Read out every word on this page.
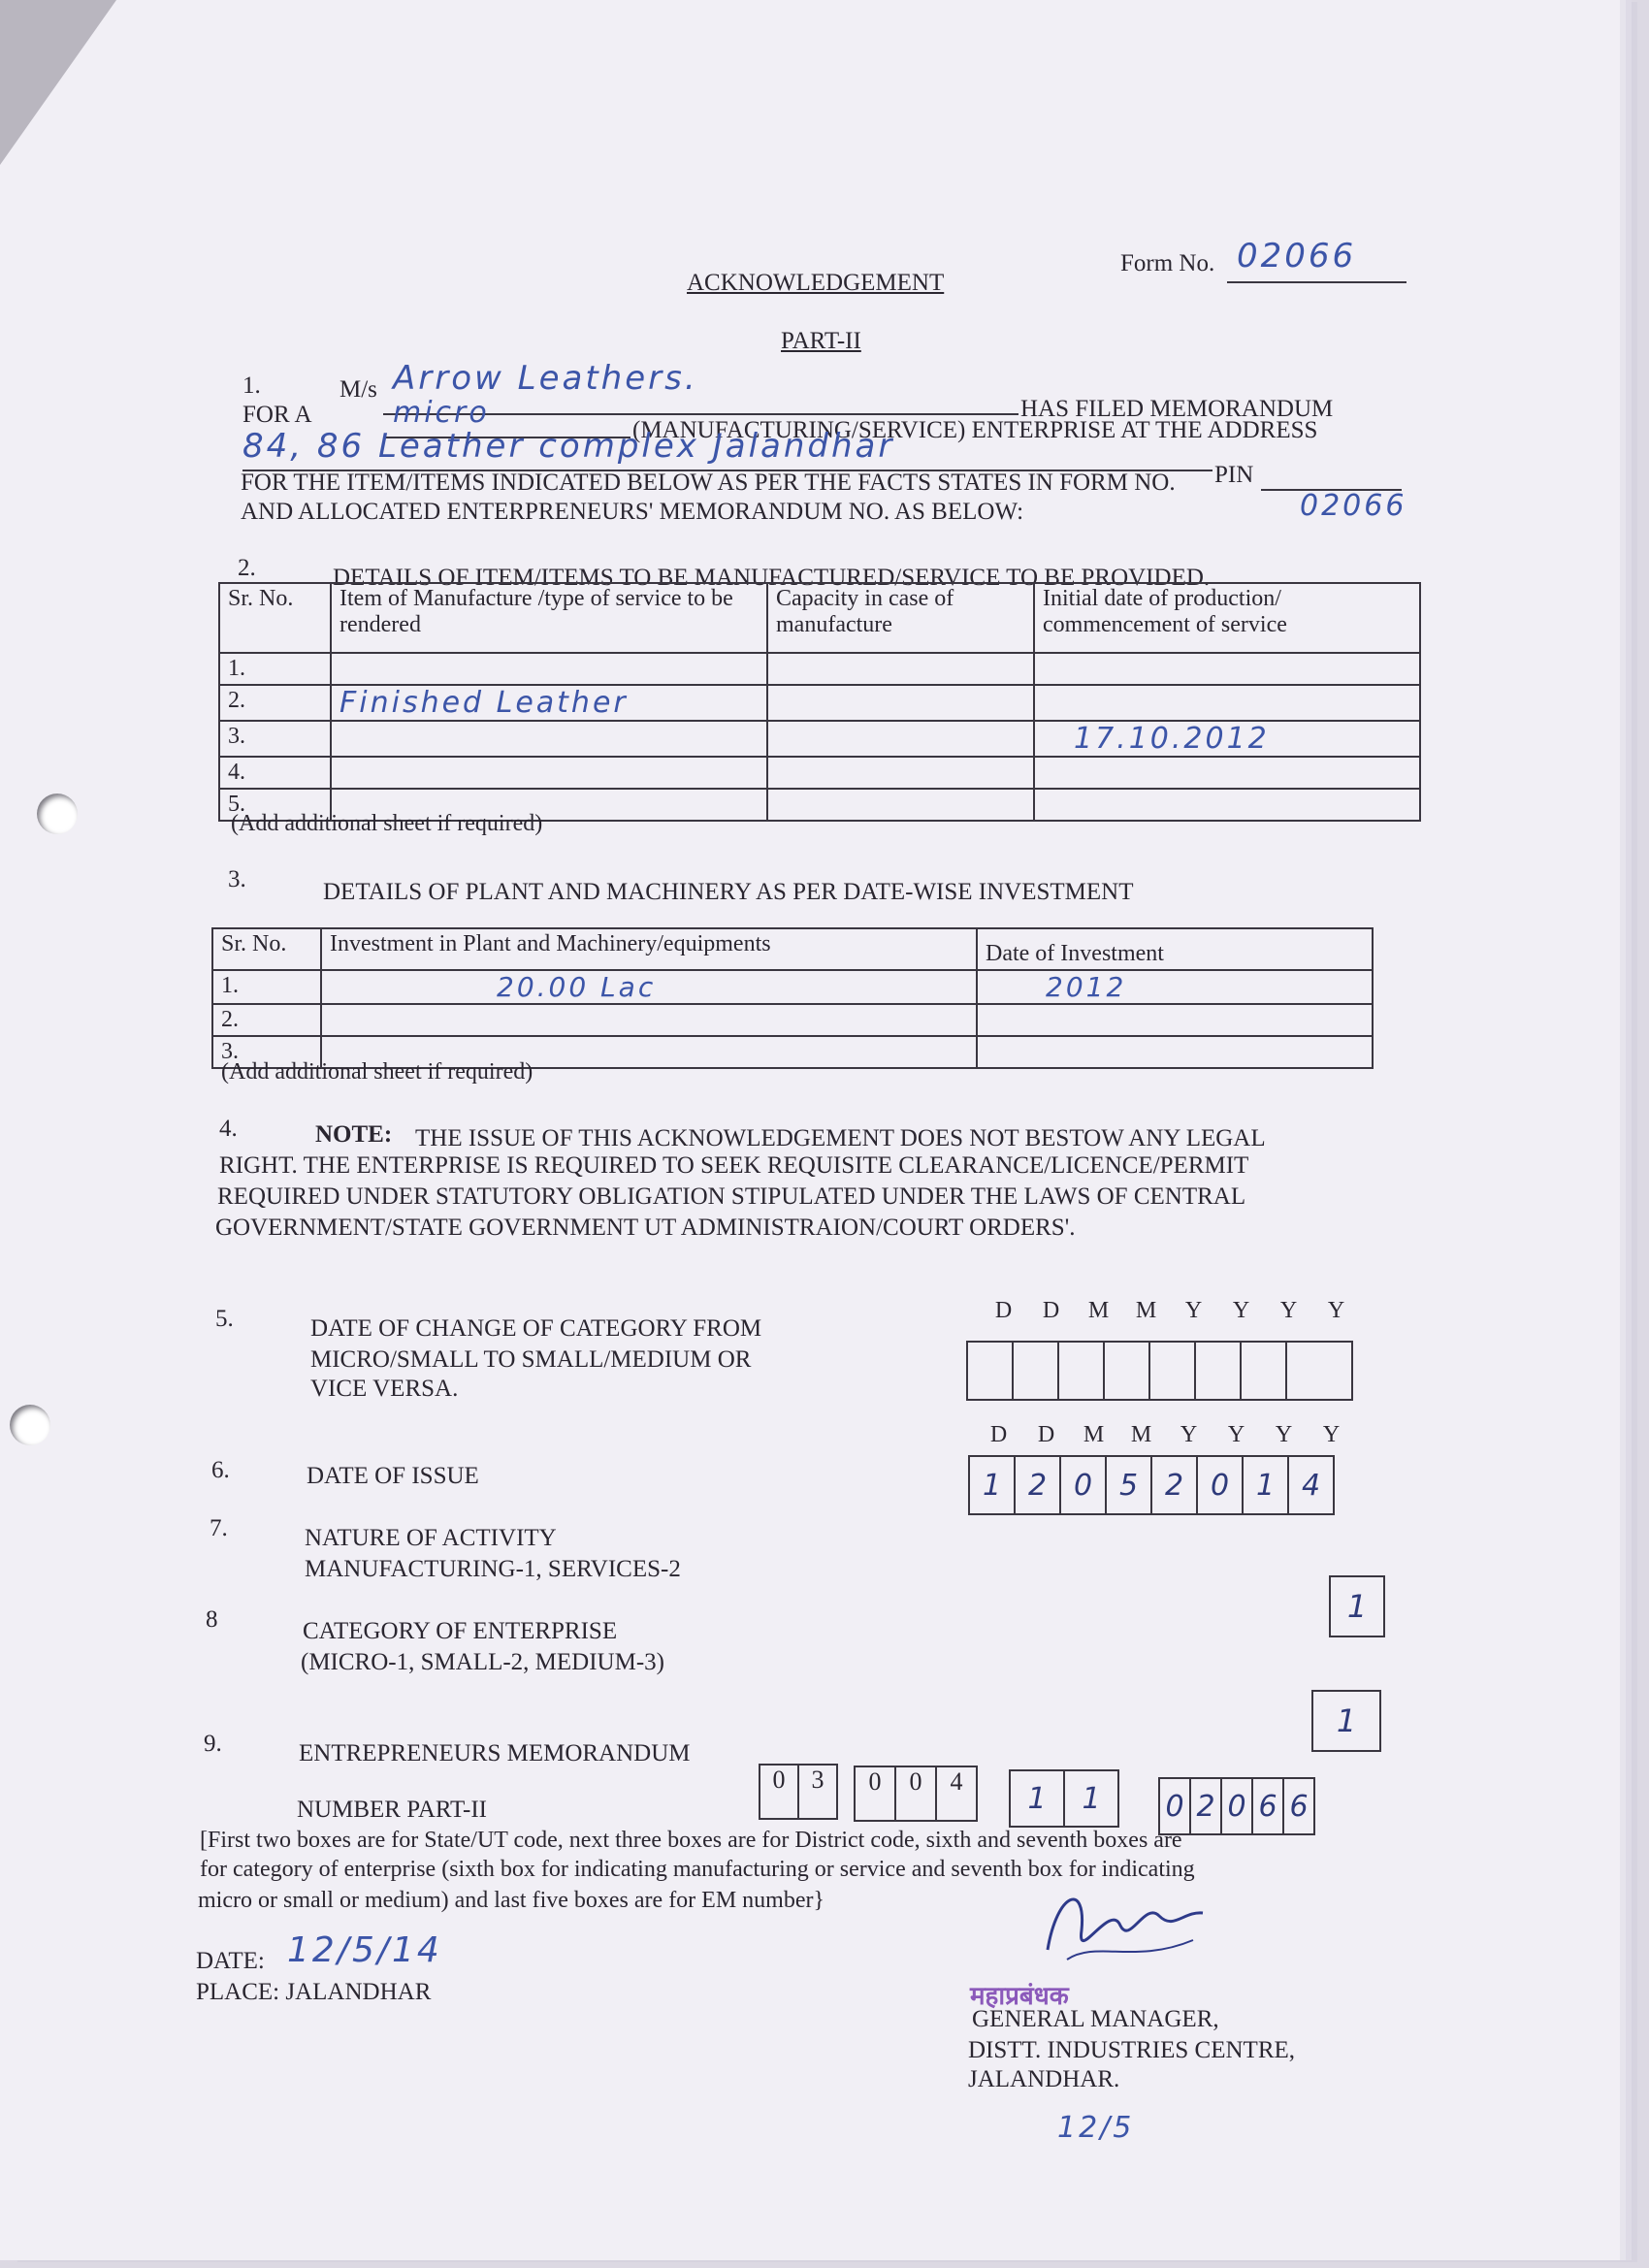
Form No. 02066
ACKNOWLEDGEMENT
PART-II
1.	M/s Arrow Leathers.
HAS FILED MEMORANDUM
FOR A	micro
(MANUFACTURING/SERVICE) ENTERPRISE AT THE ADDRESS
84, 86 Leather complex Jalandhar
PIN
FOR THE ITEM/ITEMS INDICATED BELOW AS PER THE FACTS STATES IN FORM NO.
02066
AND ALLOCATED ENTERPRENEURS' MEMORANDUM NO. AS BELOW:
2.	DETAILS OF ITEM/ITEMS TO BE MANUFACTURED/SERVICE TO BE PROVIDED.
Sr. No.	Item of Manufacture /type of service to be rendered	Capacity in case of manufacture	Initial date of production/ commencement of service
1.			
2.	Finished Leather		
3.			17.10.2012
4.			
5.			
(Add additional sheet if required)
3.	DETAILS OF PLANT AND MACHINERY AS PER DATE-WISE INVESTMENT
Sr. No.	Investment in Plant and Machinery/equipments	Date of Investment
1.	20.00 Lac	2012
2.		
3.		
(Add additional sheet if required)
4.	NOTE: THE ISSUE OF THIS ACKNOWLEDGEMENT DOES NOT BESTOW ANY LEGAL
RIGHT. THE ENTERPRISE IS REQUIRED TO SEEK REQUISITE CLEARANCE/LICENCE/PERMIT
REQUIRED UNDER STATUTORY OBLIGATION STIPULATED UNDER THE LAWS OF CENTRAL
GOVERNMENT/STATE GOVERNMENT UT ADMINISTRAION/COURT ORDERS'.
5.	DATE OF CHANGE OF CATEGORY FROM
MICRO/SMALL TO SMALL/MEDIUM OR
VICE VERSA.
D D M M Y Y Y Y
6.	DATE OF ISSUE
D D M M Y Y Y Y
1 2 0 5 2 0 1 4
7.	NATURE OF ACTIVITY
MANUFACTURING-1, SERVICES-2
1
8	CATEGORY OF ENTERPRISE
(MICRO-1, SMALL-2, MEDIUM-3)
1
9.	ENTREPRENEURS MEMORANDUM
NUMBER PART-II
0	3	0	0	4	1	1	0 2 0 6 6
[First two boxes are for State/UT code, next three boxes are for District code, sixth and seventh boxes are
for category of enterprise (sixth box for indicating manufacturing or service and seventh box for indicating
micro or small or medium) and last five boxes are for EM number}
DATE: 12/5/14
PLACE: JALANDHAR	महाप्रबंधक
GENERAL MANAGER,
DISTT. INDUSTRIES CENTRE,
JALANDHAR.
12/5
